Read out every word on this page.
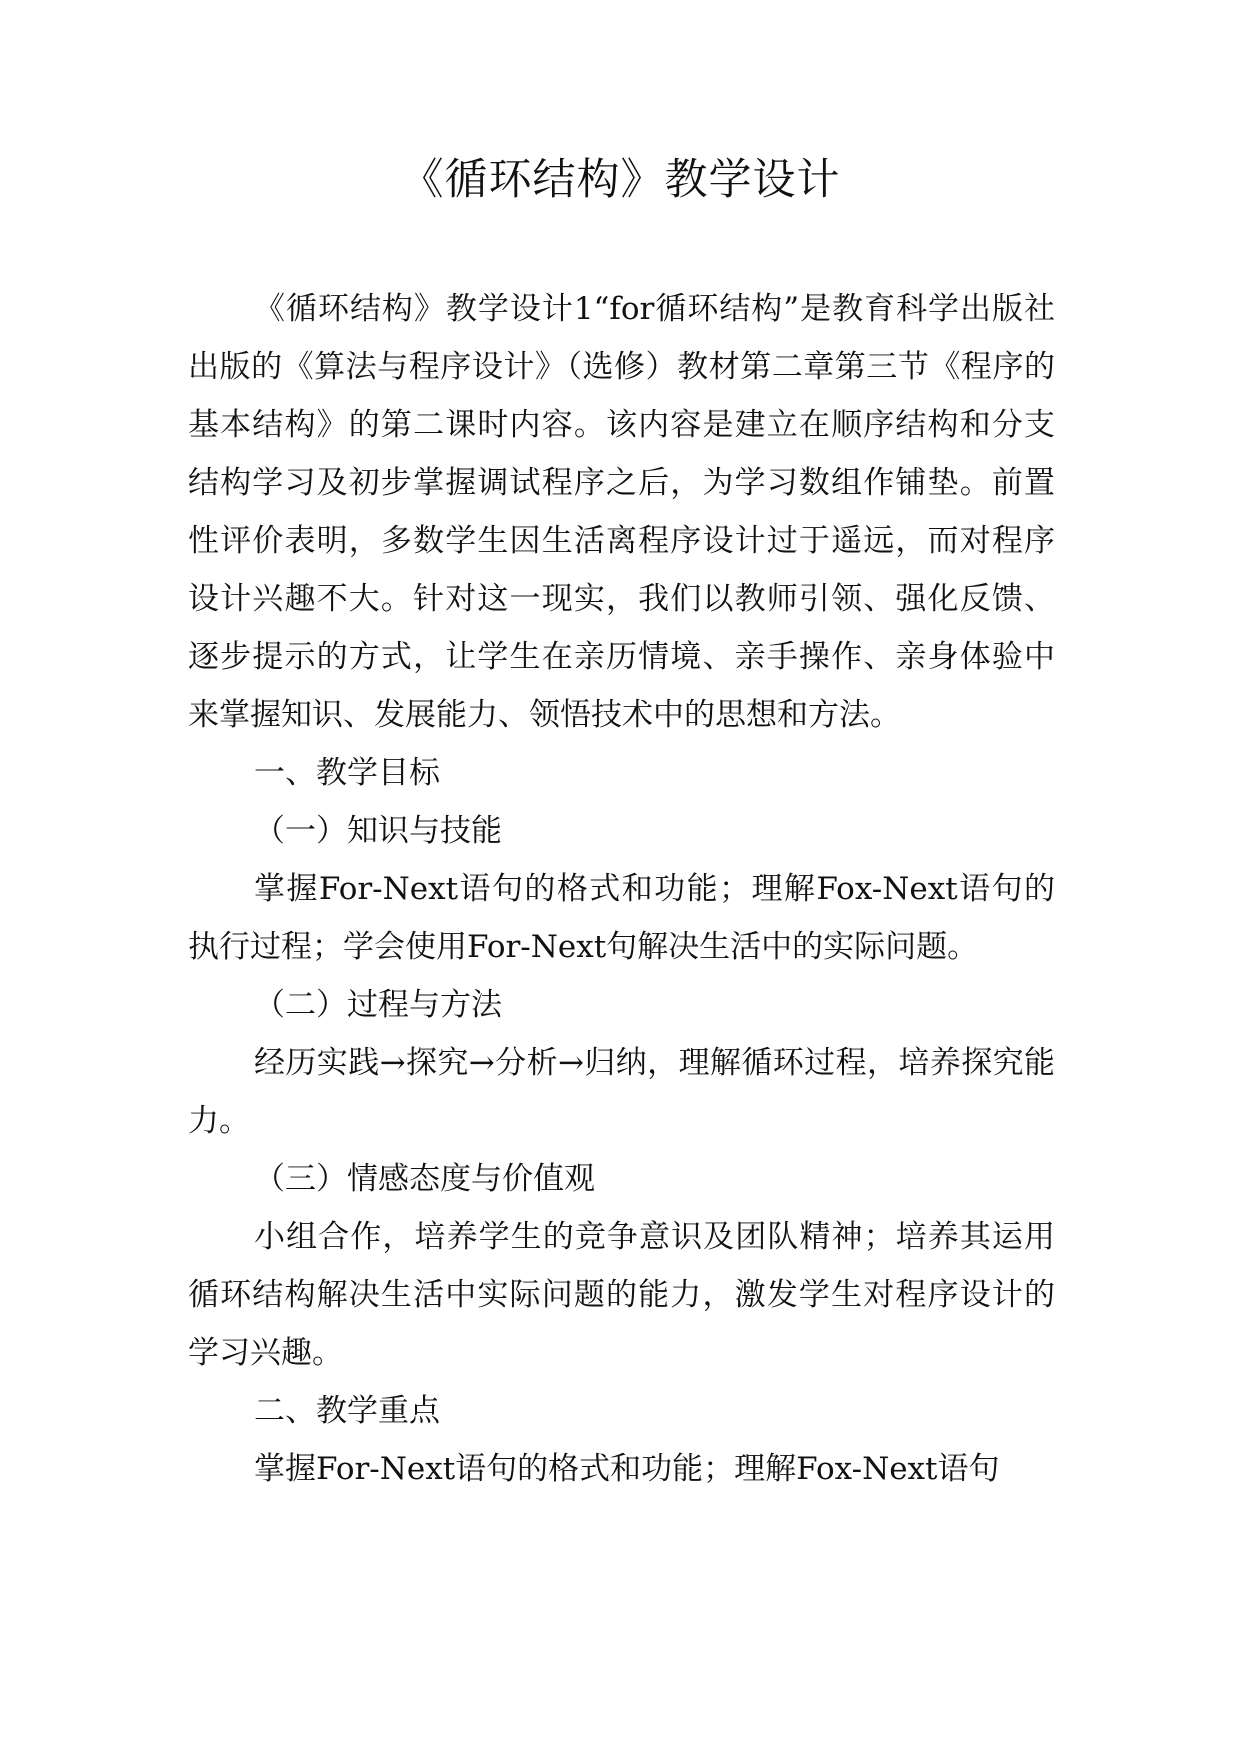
《循环结构》教学设计

《循环结构》教学设计1“for循环结构”是教育科学出版社出版的《算法与程序设计》（选修）教材第二章第三节《程序的基本结构》的第二课时内容。该内容是建立在顺序结构和分支结构学习及初步掌握调试程序之后，为学习数组作铺垫。前置性评价表明，多数学生因生活离程序设计过于遥远，而对程序设计兴趣不大。针对这一现实，我们以教师引领、强化反馈、逐步提示的方式，让学生在亲历情境、亲手操作、亲身体验中来掌握知识、发展能力、领悟技术中的思想和方法。

一、教学目标

（一）知识与技能

掌握For-Next语句的格式和功能；理解Fox-Next语句的执行过程；学会使用For-Next句解决生活中的实际问题。

（二）过程与方法

经历实践→探究→分析→归纳，理解循环过程，培养探究能力。

（三）情感态度与价值观

小组合作，培养学生的竞争意识及团队精神；培养其运用循环结构解决生活中实际问题的能力，激发学生对程序设计的学习兴趣。

二、教学重点

掌握For-Next语句的格式和功能；理解Fox-Next语句
